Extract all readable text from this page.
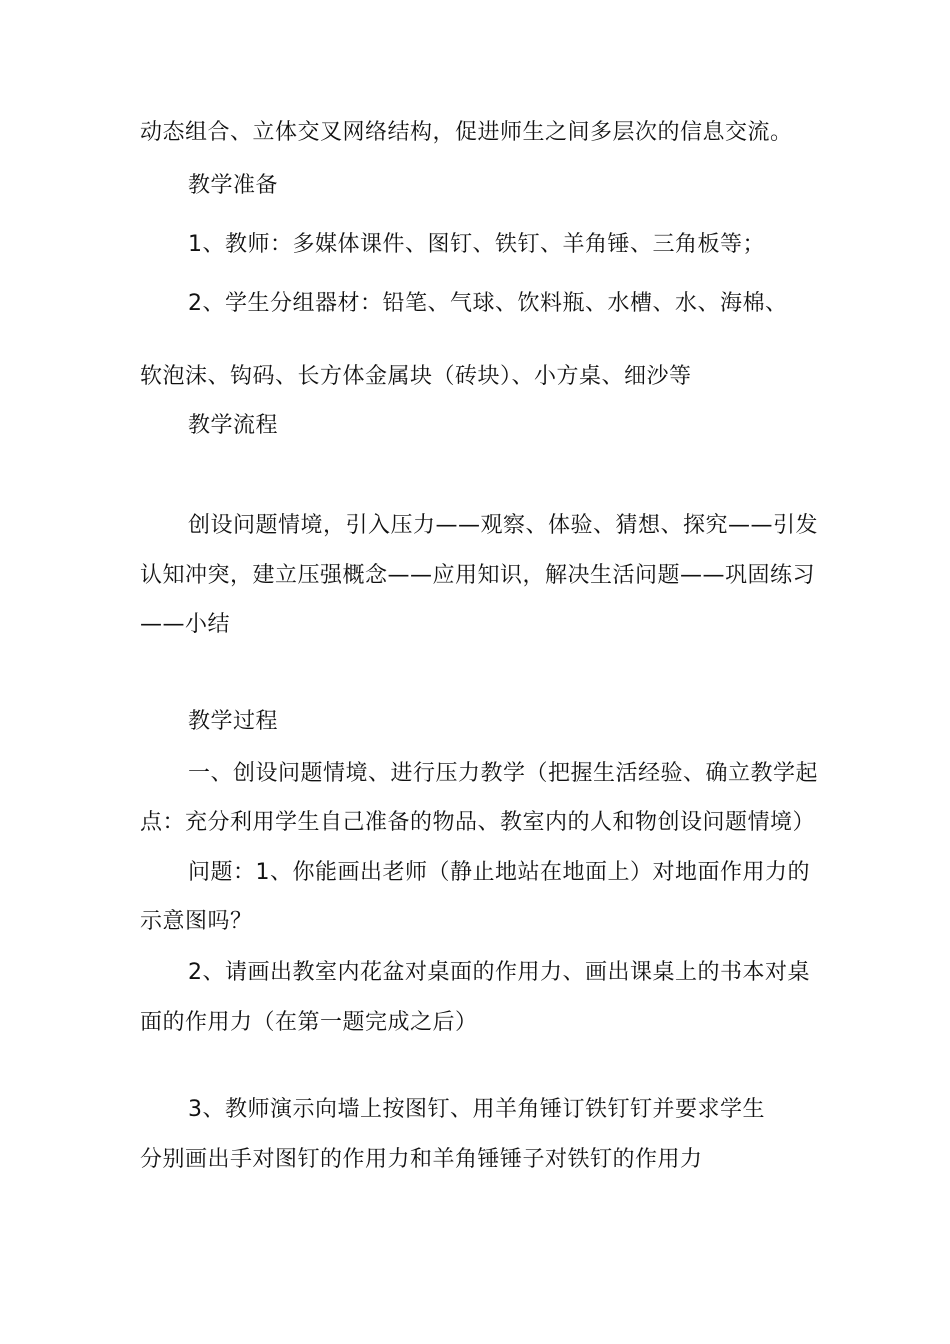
动态组合、立体交叉网络结构，促进师生之间多层次的信息交流。
教学准备
1、教师：多媒体课件、图钉、铁钉、羊角锤、三角板等；
2、学生分组器材：铅笔、气球、饮料瓶、水槽、水、海棉、
软泡沫、钩码、长方体金属块（砖块）、小方桌、细沙等
教学流程
创设问题情境，引入压力——观察、体验、猜想、探究——引发
认知冲突，建立压强概念——应用知识，解决生活问题——巩固练习
——小结
教学过程
一、创设问题情境、进行压力教学（把握生活经验、确立教学起
点：充分利用学生自己准备的物品、教室内的人和物创设问题情境）
问题：1、你能画出老师（静止地站在地面上）对地面作用力的
示意图吗？
2、请画出教室内花盆对桌面的作用力、画出课桌上的书本对桌
面的作用力（在第一题完成之后）
3、教师演示向墙上按图钉、用羊角锤订铁钉钉并要求学生
分别画出手对图钉的作用力和羊角锤锤子对铁钉的作用力
